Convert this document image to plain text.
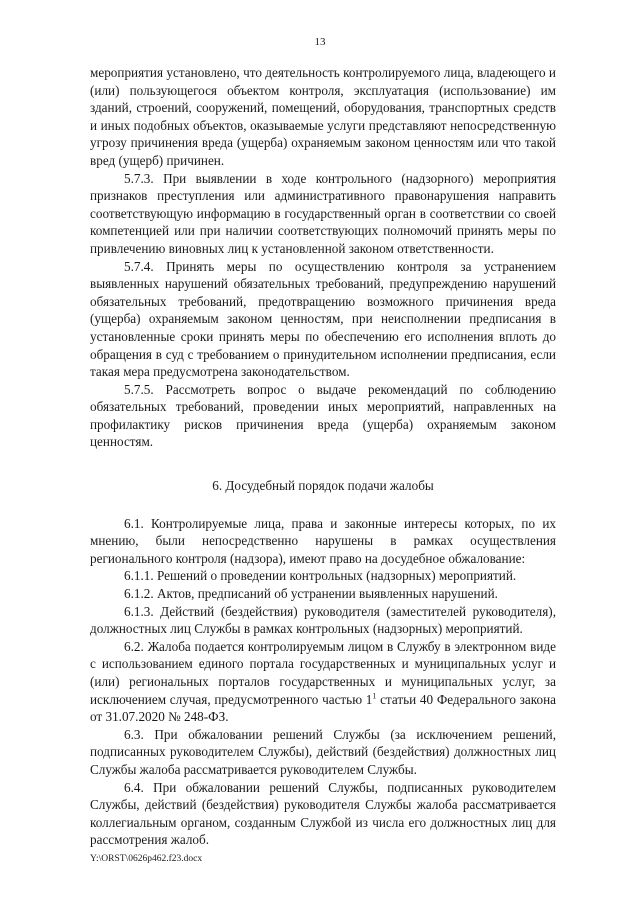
13

мероприятия установлено, что деятельность контролируемого лица, владеющего и (или) пользующегося объектом контроля, эксплуатация (использование) им зданий, строений, сооружений, помещений, оборудования, транспортных средств и иных подобных объектов, оказываемые услуги представляют непосредственную угрозу причинения вреда (ущерба) охраняемым законом ценностям или что такой вред (ущерб) причинен.

5.7.3. При выявлении в ходе контрольного (надзорного) мероприятия признаков преступления или административного правонарушения направить соответствующую информацию в государственный орган в соответствии со своей компетенцией или при наличии соответствующих полномочий принять меры по привлечению виновных лиц к установленной законом ответственности.

5.7.4. Принять меры по осуществлению контроля за устранением выявленных нарушений обязательных требований, предупреждению нарушений обязательных требований, предотвращению возможного причинения вреда (ущерба) охраняемым законом ценностям, при неисполнении предписания в установленные сроки принять меры по обеспечению его исполнения вплоть до обращения в суд с требованием о принудительном исполнении предписания, если такая мера предусмотрена законодательством.

5.7.5. Рассмотреть вопрос о выдаче рекомендаций по соблюдению обязательных требований, проведении иных мероприятий, направленных на профилактику рисков причинения вреда (ущерба) охраняемым законом ценностям.

6. Досудебный порядок подачи жалобы

6.1. Контролируемые лица, права и законные интересы которых, по их мнению, были непосредственно нарушены в рамках осуществления регионального контроля (надзора), имеют право на досудебное обжалование:

6.1.1. Решений о проведении контрольных (надзорных) мероприятий.

6.1.2. Актов, предписаний об устранении выявленных нарушений.

6.1.3. Действий (бездействия) руководителя (заместителей руководителя), должностных лиц Службы в рамках контрольных (надзорных) мероприятий.

6.2. Жалоба подается контролируемым лицом в Службу в электронном виде с использованием единого портала государственных и муниципальных услуг и (или) региональных порталов государственных и муниципальных услуг, за исключением случая, предусмотренного частью $1^1$ статьи 40 Федерального закона от 31.07.2020 № 248-ФЗ.

6.3. При обжаловании решений Службы (за исключением решений, подписанных руководителем Службы), действий (бездействия) должностных лиц Службы жалоба рассматривается руководителем Службы.

6.4. При обжаловании решений Службы, подписанных руководителем Службы, действий (бездействия) руководителя Службы жалоба рассматривается коллегиальным органом, созданным Службой из числа его должностных лиц для рассмотрения жалоб.

Y:\ORST\0626p462.f23.docx
